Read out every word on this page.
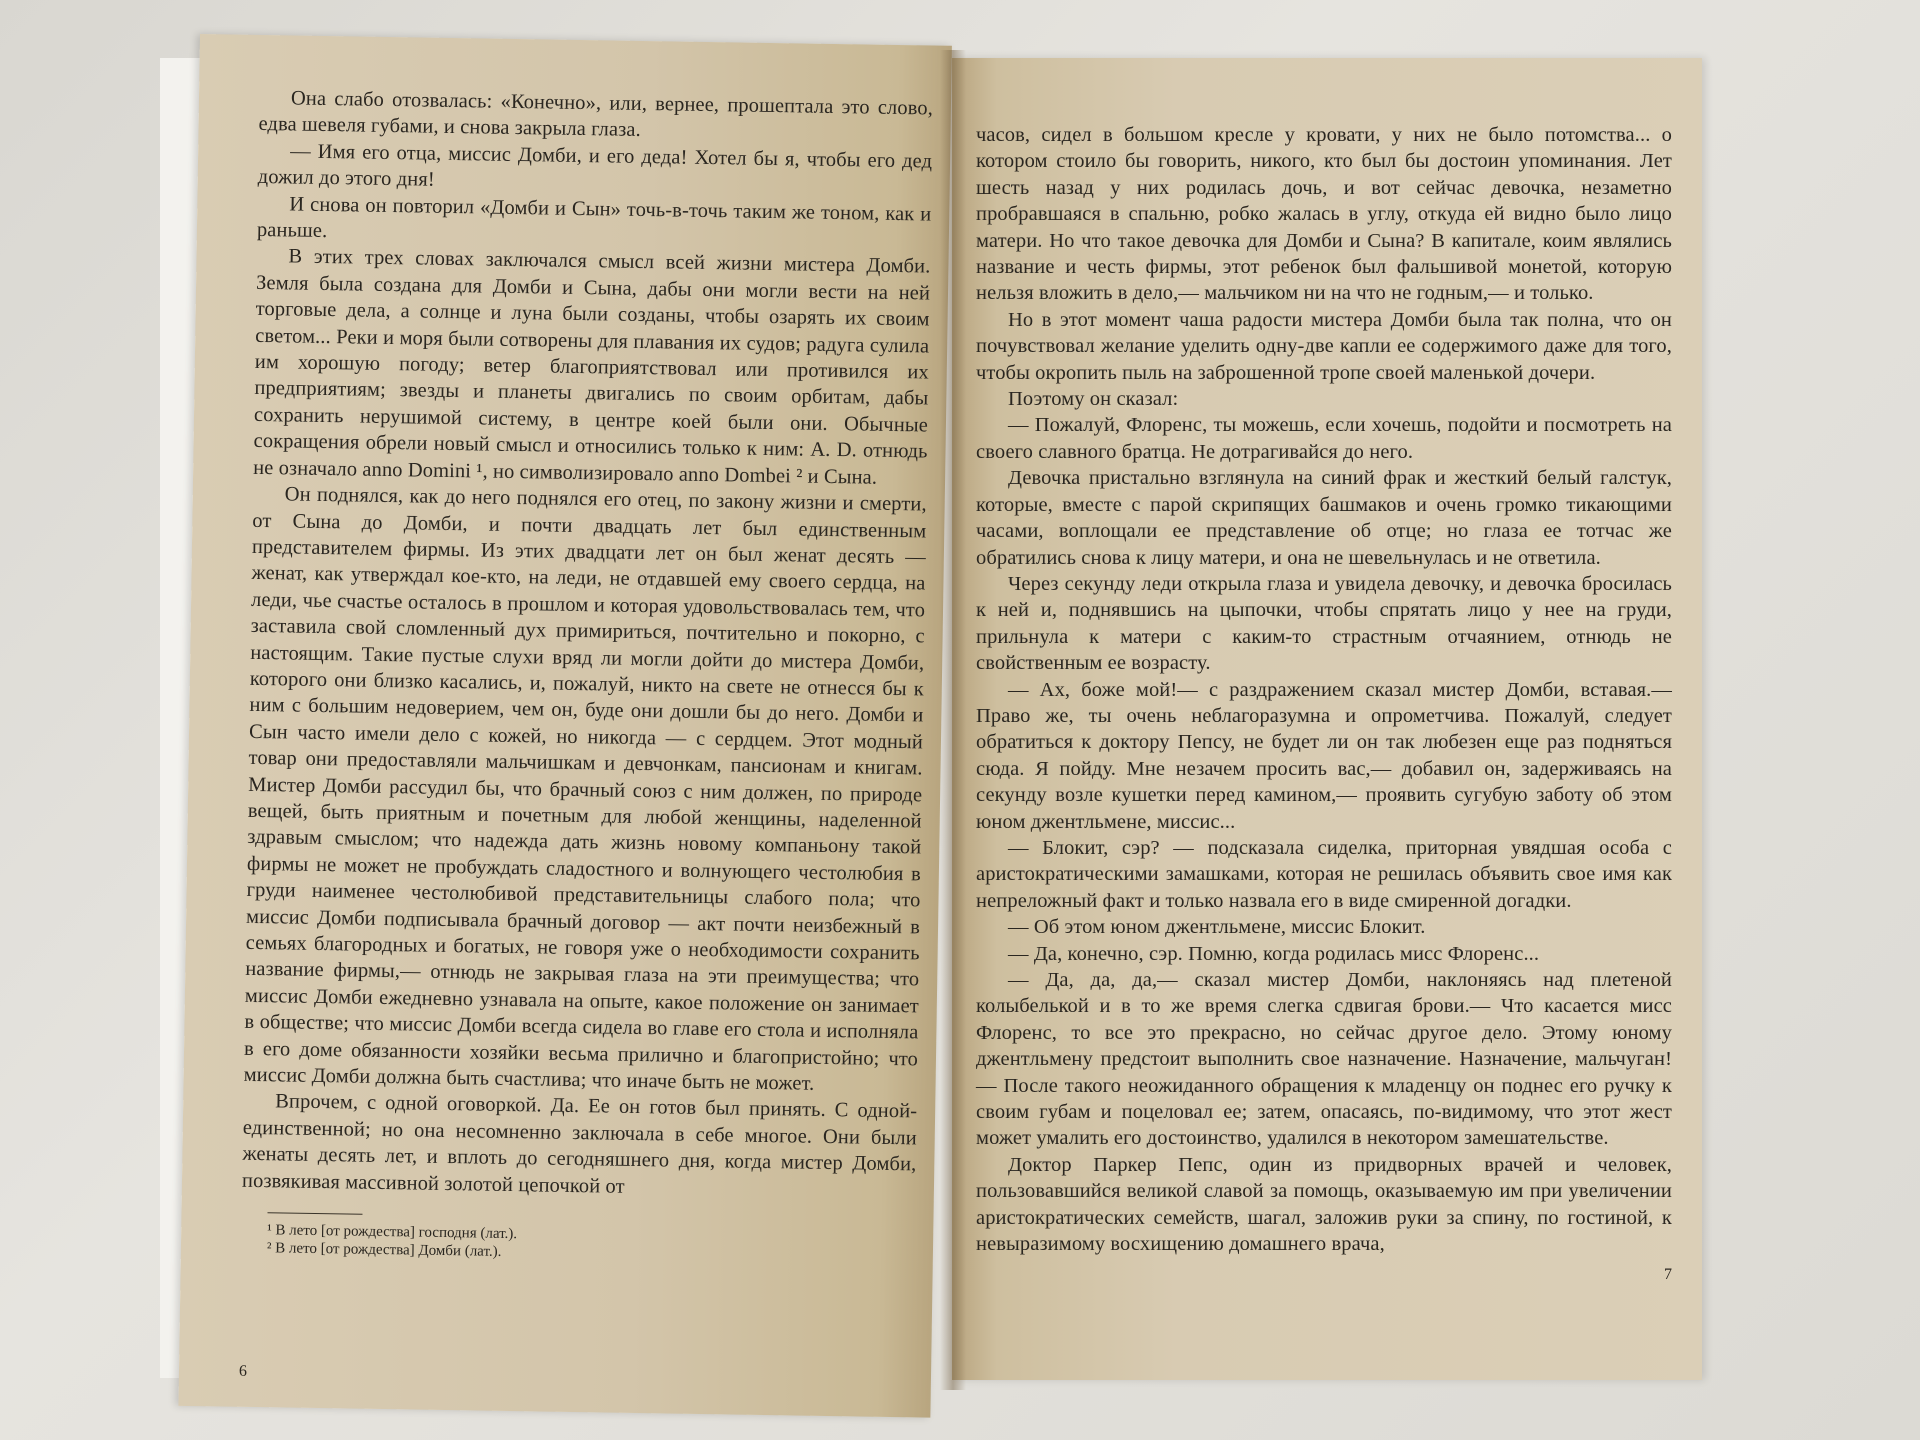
Она слабо отозвалась: «Конечно», или, вернее, прошептала это слово, едва шевеля губами, и снова закрыла глаза.

— Имя его отца, миссис Домби, и его деда! Хотел бы я, чтобы его дед дожил до этого дня!

И снова он повторил «Домби и Сын» точь-в-точь таким же тоном, как и раньше.

В этих трех словах заключался смысл всей жизни мистера Домби. Земля была создана для Домби и Сына, дабы они могли вести на ней торговые дела, а солнце и луна были созданы, чтобы озарять их своим светом... Реки и моря были сотворены для плавания их судов; радуга сулила им хорошую погоду; ветер благоприятствовал или противился их предприятиям; звезды и планеты двигались по своим орбитам, дабы сохранить нерушимой систему, в центре коей были они. Обычные сокращения обрели новый смысл и относились только к ним: A. D. отнюдь не означало anno Domini ¹, но символизировало anno Dombei ² и Сына.

Он поднялся, как до него поднялся его отец, по закону жизни и смерти, от Сына до Домби, и почти двадцать лет был единственным представителем фирмы. Из этих двадцати лет он был женат десять — женат, как утверждал кое-кто, на леди, не отдавшей ему своего сердца, на леди, чье счастье осталось в прошлом и которая удовольствовалась тем, что заставила свой сломленный дух примириться, почтительно и покорно, с настоящим. Такие пустые слухи вряд ли могли дойти до мистера Домби, которого они близко касались, и, пожалуй, никто на свете не отнесся бы к ним с большим недоверием, чем он, буде они дошли бы до него. Домби и Сын часто имели дело с кожей, но никогда — с сердцем. Этот модный товар они предоставляли мальчишкам и девчонкам, пансионам и книгам. Мистер Домби рассудил бы, что брачный союз с ним должен, по природе вещей, быть приятным и почетным для любой женщины, наделенной здравым смыслом; что надежда дать жизнь новому компаньону такой фирмы не может не пробуждать сладостного и волнующего честолюбия в груди наименее честолюбивой представительницы слабого пола; что миссис Домби подписывала брачный договор — акт почти неизбежный в семьях благородных и богатых, не говоря уже о необходимости сохранить название фирмы,— отнюдь не закрывая глаза на эти преимущества; что миссис Домби ежедневно узнавала на опыте, какое положение он занимает в обществе; что миссис Домби всегда сидела во главе его стола и исполняла в его доме обязанности хозяйки весьма прилично и благопристойно; что миссис Домби должна быть счастлива; что иначе быть не может.

Впрочем, с одной оговоркой. Да. Ее он готов был принять. С одной-единственной; но она несомненно заключала в себе многое. Они были женаты десять лет, и вплоть до сегодняшнего дня, когда мистер Домби, позвякивая массивной золотой цепочкой от

¹ В лето [от рождества] господня (лат.).
² В лето [от рождества] Домби (лат.).
6

часов, сидел в большом кресле у кровати, у них не было потомства... о котором стоило бы говорить, никого, кто был бы достоин упоминания. Лет шесть назад у них родилась дочь, и вот сейчас девочка, незаметно пробравшаяся в спальню, робко жалась в углу, откуда ей видно было лицо матери. Но что такое девочка для Домби и Сына? В капитале, коим являлись название и честь фирмы, этот ребенок был фальшивой монетой, которую нельзя вложить в дело,— мальчиком ни на что не годным,— и только.

Но в этот момент чаша радости мистера Домби была так полна, что он почувствовал желание уделить одну-две капли ее содержимого даже для того, чтобы окропить пыль на заброшенной тропе своей маленькой дочери.

Поэтому он сказал:

— Пожалуй, Флоренс, ты можешь, если хочешь, подойти и посмотреть на своего славного братца. Не дотрагивайся до него.

Девочка пристально взглянула на синий фрак и жесткий белый галстук, которые, вместе с парой скрипящих башмаков и очень громко тикающими часами, воплощали ее представление об отце; но глаза ее тотчас же обратились снова к лицу матери, и она не шевельнулась и не ответила.

Через секунду леди открыла глаза и увидела девочку, и девочка бросилась к ней и, поднявшись на цыпочки, чтобы спрятать лицо у нее на груди, прильнула к матери с каким-то страстным отчаянием, отнюдь не свойственным ее возрасту.

— Ах, боже мой!— с раздражением сказал мистер Домби, вставая.— Право же, ты очень неблагоразумна и опрометчива. Пожалуй, следует обратиться к доктору Пепсу, не будет ли он так любезен еще раз подняться сюда. Я пойду. Мне незачем просить вас,— добавил он, задерживаясь на секунду возле кушетки перед камином,— проявить сугубую заботу об этом юном джентльмене, миссис...

— Блокит, сэр? — подсказала сиделка, приторная увядшая особа с аристократическими замашками, которая не решилась объявить свое имя как непреложный факт и только назвала его в виде смиренной догадки.

— Об этом юном джентльмене, миссис Блокит.

— Да, конечно, сэр. Помню, когда родилась мисс Флоренс...

— Да, да, да,— сказал мистер Домби, наклоняясь над плетеной колыбелькой и в то же время слегка сдвигая брови.— Что касается мисс Флоренс, то все это прекрасно, но сейчас другое дело. Этому юному джентльмену предстоит выполнить свое назначение. Назначение, мальчуган! — После такого неожиданного обращения к младенцу он поднес его ручку к своим губам и поцеловал ее; затем, опасаясь, по-видимому, что этот жест может умалить его достоинство, удалился в некотором замешательстве.

Доктор Паркер Пепс, один из придворных врачей и человек, пользовавшийся великой славой за помощь, оказываемую им при увеличении аристократических семейств, шагал, заложив руки за спину, по гостиной, к невыразимому восхищению домашнего врача,

7
